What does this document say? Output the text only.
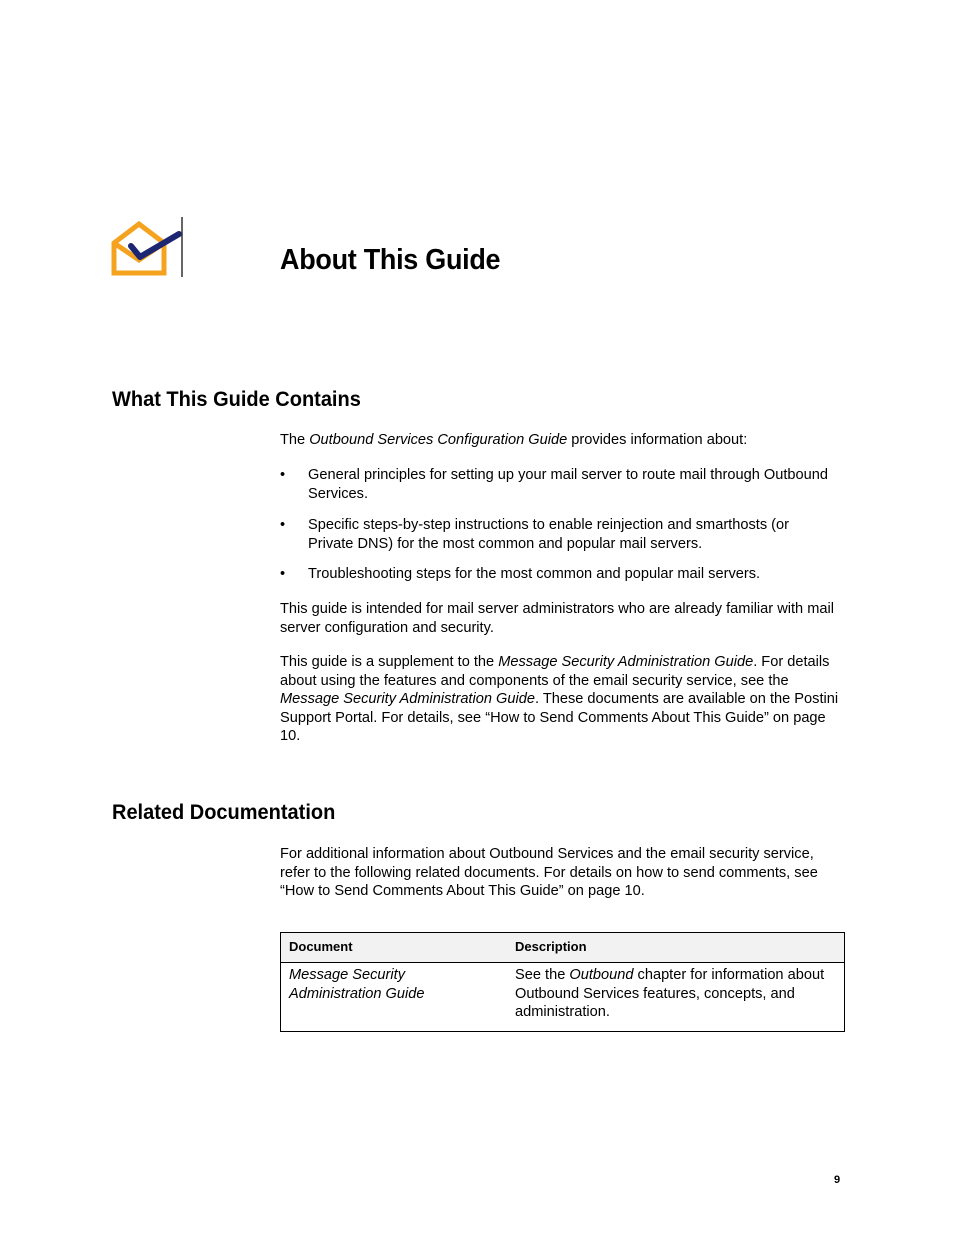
About This Guide
What This Guide Contains

The Outbound Services Configuration Guide provides information about:

• General principles for setting up your mail server to route mail through Outbound Services.
• Specific steps-by-step instructions to enable reinjection and smarthosts (or Private DNS) for the most common and popular mail servers.
• Troubleshooting steps for the most common and popular mail servers.

This guide is intended for mail server administrators who are already familiar with mail server configuration and security.

This guide is a supplement to the Message Security Administration Guide. For details about using the features and components of the email security service, see the Message Security Administration Guide. These documents are available on the Postini Support Portal. For details, see “How to Send Comments About This Guide” on page 10.

Related Documentation

For additional information about Outbound Services and the email security service, refer to the following related documents. For details on how to send comments, see “How to Send Comments About This Guide” on page 10.

Document	Description
Message Security Administration Guide	See the Outbound chapter for information about Outbound Services features, concepts, and administration.
9
